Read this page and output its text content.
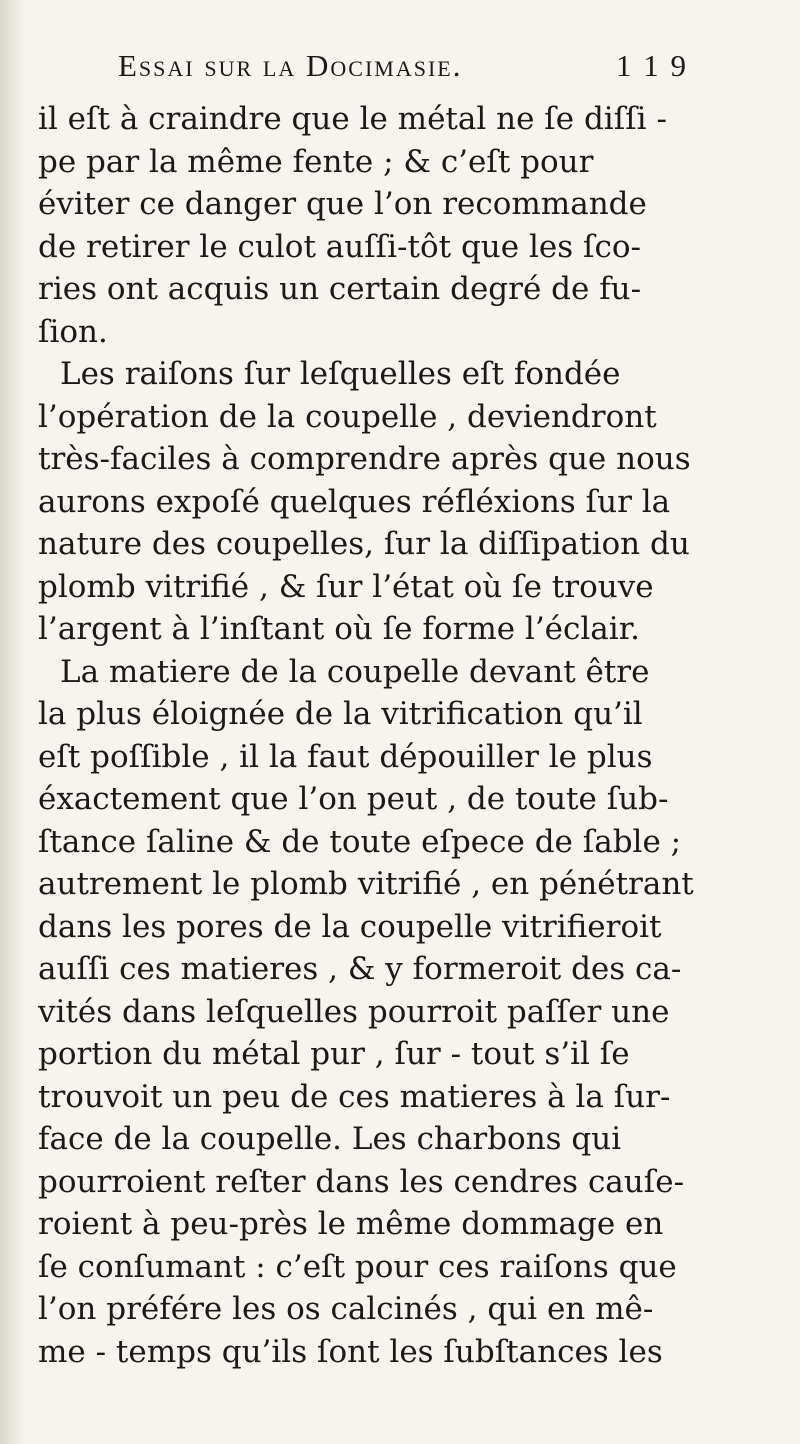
Essai sur la Docimasie.	1 1 9
il eſt à craindre que le métal ne ſe diſſi -
pe par la même fente ; & c’eſt pour
éviter ce danger que l’on recommande
de retirer le culot auſſi-tôt que les ſco-
ries ont acquis un certain degré de fu-
ſion.
Les raiſons ſur leſquelles eſt fondée
l’opération de la coupelle , deviendront
très-faciles à comprendre après que nous
aurons expoſé quelques réfléxions ſur la
nature des coupelles, ſur la diſſipation du
plomb vitrifié , & ſur l’état où ſe trouve
l’argent à l’inſtant où ſe forme l’éclair.
La matiere de la coupelle devant être
la plus éloignée de la vitrification qu’il
eſt poſſible , il la faut dépouiller le plus
éxactement que l’on peut , de toute ſub-
ſtance ſaline & de toute eſpece de ſable ;
autrement le plomb vitrifié , en pénétrant
dans les pores de la coupelle vitrifieroit
auſſi ces matieres , & y formeroit des ca-
vités dans leſquelles pourroit paſſer une
portion du métal pur , ſur - tout s’il ſe
trouvoit un peu de ces matieres à la ſur-
face de la coupelle. Les charbons qui
pourroient reſter dans les cendres cauſe-
roient à peu-près le même dommage en
ſe conſumant : c’eſt pour ces raiſons que
l’on préfére les os calcinés , qui en mê-
me - temps qu’ils ſont les ſubſtances les
